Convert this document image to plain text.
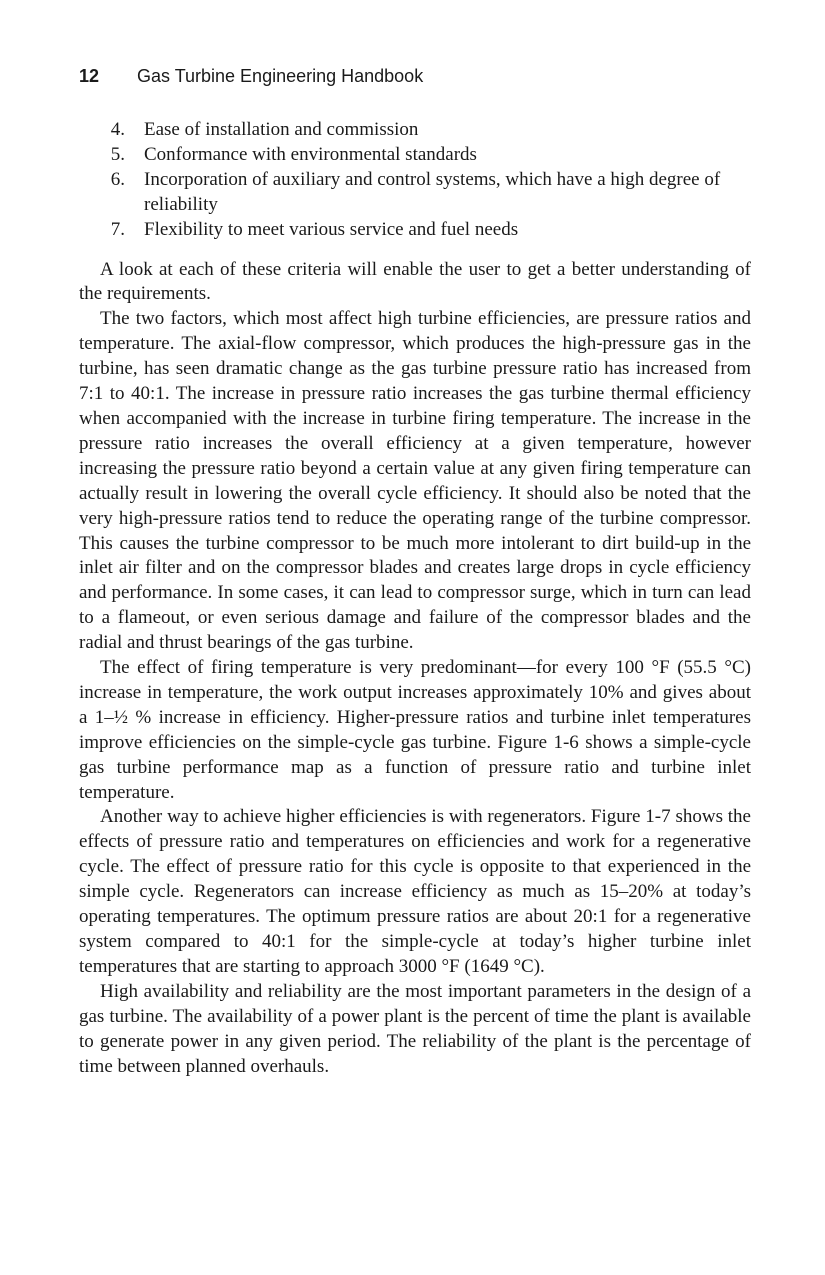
12 Gas Turbine Engineering Handbook
4. Ease of installation and commission
5. Conformance with environmental standards
6. Incorporation of auxiliary and control systems, which have a high degree of reliability
7. Flexibility to meet various service and fuel needs

A look at each of these criteria will enable the user to get a better understanding of the requirements.

The two factors, which most affect high turbine efficiencies, are pressure ratios and temperature. The axial-flow compressor, which produces the high-pressure gas in the turbine, has seen dramatic change as the gas turbine pressure ratio has increased from 7:1 to 40:1. The increase in pressure ratio increases the gas turbine thermal efficiency when accompanied with the increase in turbine firing temperature. The increase in the pressure ratio increases the overall efficiency at a given temperature, however increasing the pressure ratio beyond a certain value at any given firing temperature can actually result in lowering the overall cycle efficiency. It should also be noted that the very high-pressure ratios tend to reduce the operating range of the turbine compressor. This causes the turbine compressor to be much more intolerant to dirt build-up in the inlet air filter and on the compressor blades and creates large drops in cycle efficiency and performance. In some cases, it can lead to compressor surge, which in turn can lead to a flameout, or even serious damage and failure of the compressor blades and the radial and thrust bearings of the gas turbine.

The effect of firing temperature is very predominant—for every 100 °F (55.5 °C) increase in temperature, the work output increases approximately 10% and gives about a 1–½ % increase in efficiency. Higher-pressure ratios and turbine inlet temperatures improve efficiencies on the simple-cycle gas turbine. Figure 1-6 shows a simple-cycle gas turbine performance map as a function of pressure ratio and turbine inlet temperature.

Another way to achieve higher efficiencies is with regenerators. Figure 1-7 shows the effects of pressure ratio and temperatures on efficiencies and work for a regenerative cycle. The effect of pressure ratio for this cycle is opposite to that experienced in the simple cycle. Regenerators can increase efficiency as much as 15–20% at today’s operating temperatures. The optimum pressure ratios are about 20:1 for a regenerative system compared to 40:1 for the simple-cycle at today’s higher turbine inlet temperatures that are starting to approach 3000 °F (1649 °C).

High availability and reliability are the most important parameters in the design of a gas turbine. The availability of a power plant is the percent of time the plant is available to generate power in any given period. The reliability of the plant is the percentage of time between planned overhauls.
